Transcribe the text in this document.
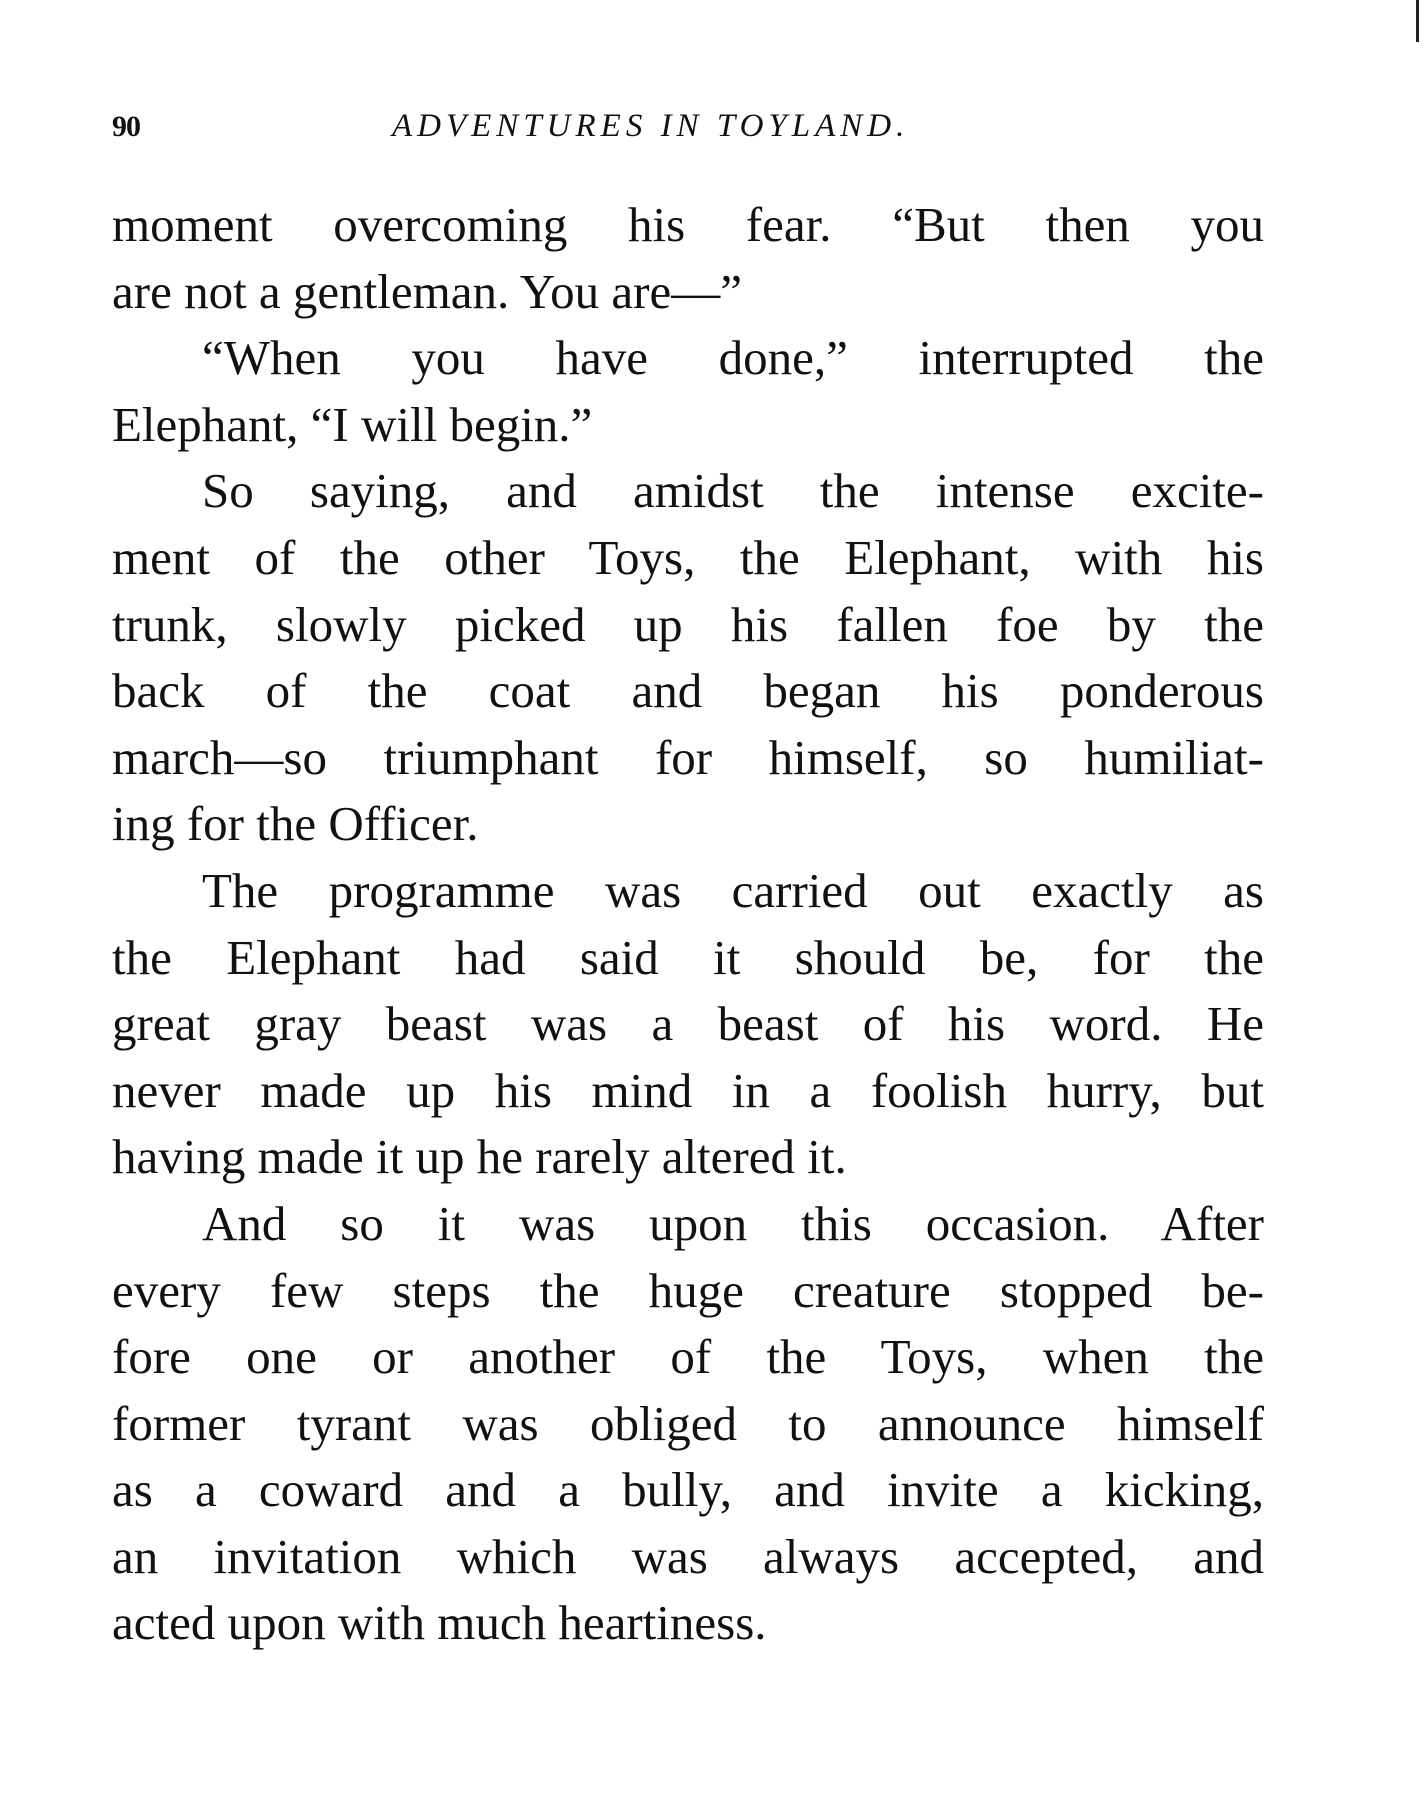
90	ADVENTURES IN TOYLAND.
moment overcoming his fear. “But then you
are not a gentleman. You are—”
“When you have done,” interrupted the
Elephant, “I will begin.”
So saying, and amidst the intense excite-
ment of the other Toys, the Elephant, with his
trunk, slowly picked up his fallen foe by the
back of the coat and began his ponderous
march—so triumphant for himself, so humiliat-
ing for the Officer.
The programme was carried out exactly as
the Elephant had said it should be, for the
great gray beast was a beast of his word. He
never made up his mind in a foolish hurry, but
having made it up he rarely altered it.
And so it was upon this occasion. After
every few steps the huge creature stopped be-
fore one or another of the Toys, when the
former tyrant was obliged to announce himself
as a coward and a bully, and invite a kicking,
an invitation which was always accepted, and
acted upon with much heartiness.
